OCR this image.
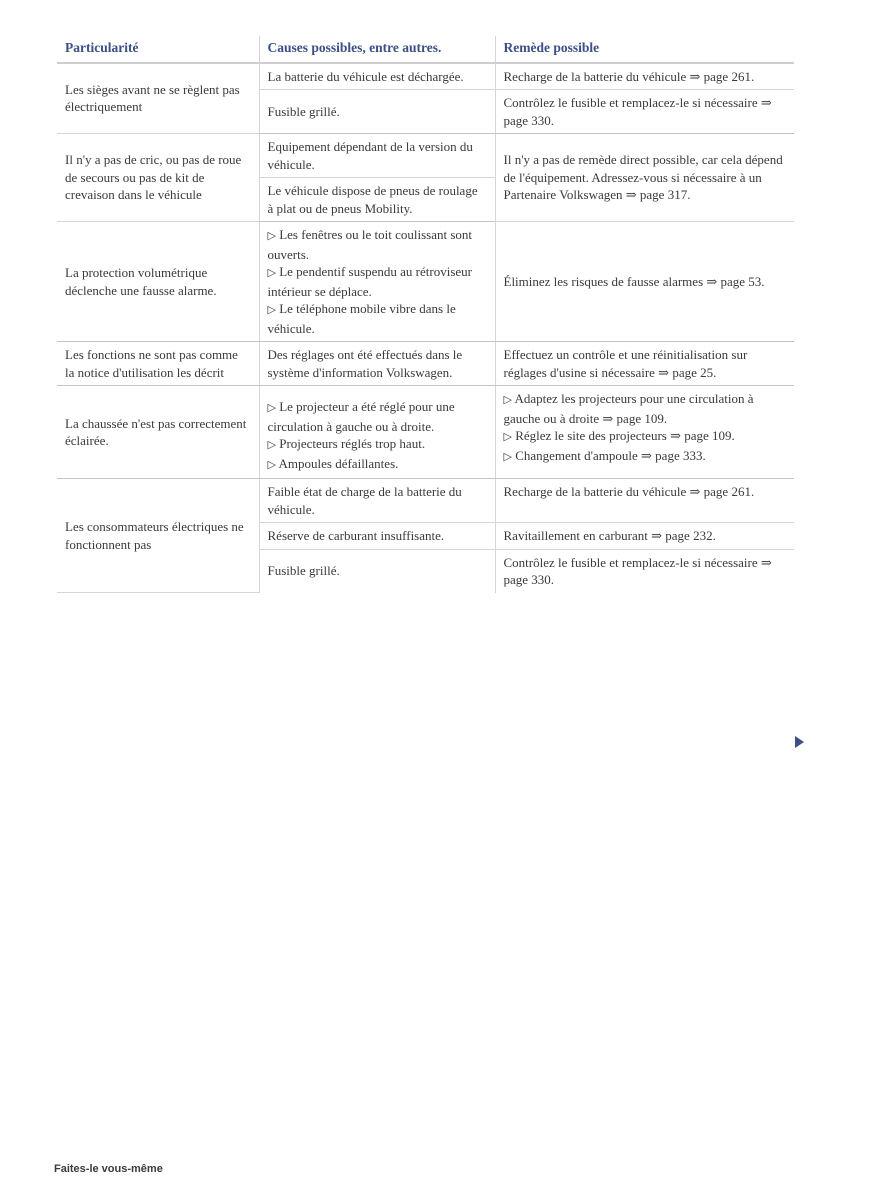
Particularité	Causes possibles, entre autres.	Remède possible
Les sièges avant ne se règlent pas électriquement	La batterie du véhicule est déchargée.	Recharge de la batterie du véhicule ⇒ page 261.
	Fusible grillé.	Contrôlez le fusible et remplacez-le si nécessaire ⇒ page 330.
Il n'y a pas de cric, ou pas de roue de secours ou pas de kit de crevaison dans le véhicule	Equipement dépendant de la version du véhicule.	Il n'y a pas de remède direct possible, car cela dépend de l'équipement. Adressez-vous si nécessaire à un Partenaire Volkswagen ⇒ page 317.
	Le véhicule dispose de pneus de roulage à plat ou de pneus Mobility.	
La protection volumétrique déclenche une fausse alarme.	▷ Les fenêtres ou le toit coulissant sont ouverts.
▷ Le pendentif suspendu au rétroviseur intérieur se déplace.
▷ Le téléphone mobile vibre dans le véhicule.	Éliminez les risques de fausse alarmes ⇒ page 53.
Les fonctions ne sont pas comme la notice d'utilisation les décrit	Des réglages ont été effectués dans le système d'information Volkswagen.	Effectuez un contrôle et une réinitialisation sur réglages d'usine si nécessaire ⇒ page 25.
La chaussée n'est pas correctement éclairée.	▷ Le projecteur a été réglé pour une circulation à gauche ou à droite.
▷ Projecteurs réglés trop haut.
▷ Ampoules défaillantes.	▷ Adaptez les projecteurs pour une circulation à gauche ou à droite ⇒ page 109.
▷ Réglez le site des projecteurs ⇒ page 109.
▷ Changement d'ampoule ⇒ page 333.

Les consommateurs électriques ne fonctionnent pas	Faible état de charge de la batterie du véhicule.	Recharge de la batterie du véhicule ⇒ page 261.
	Réserve de carburant insuffisante.	Ravitaillement en carburant ⇒ page 232.
	Fusible grillé.	Contrôlez le fusible et remplacez-le si nécessaire ⇒ page 330.
Faites-le vous-même
